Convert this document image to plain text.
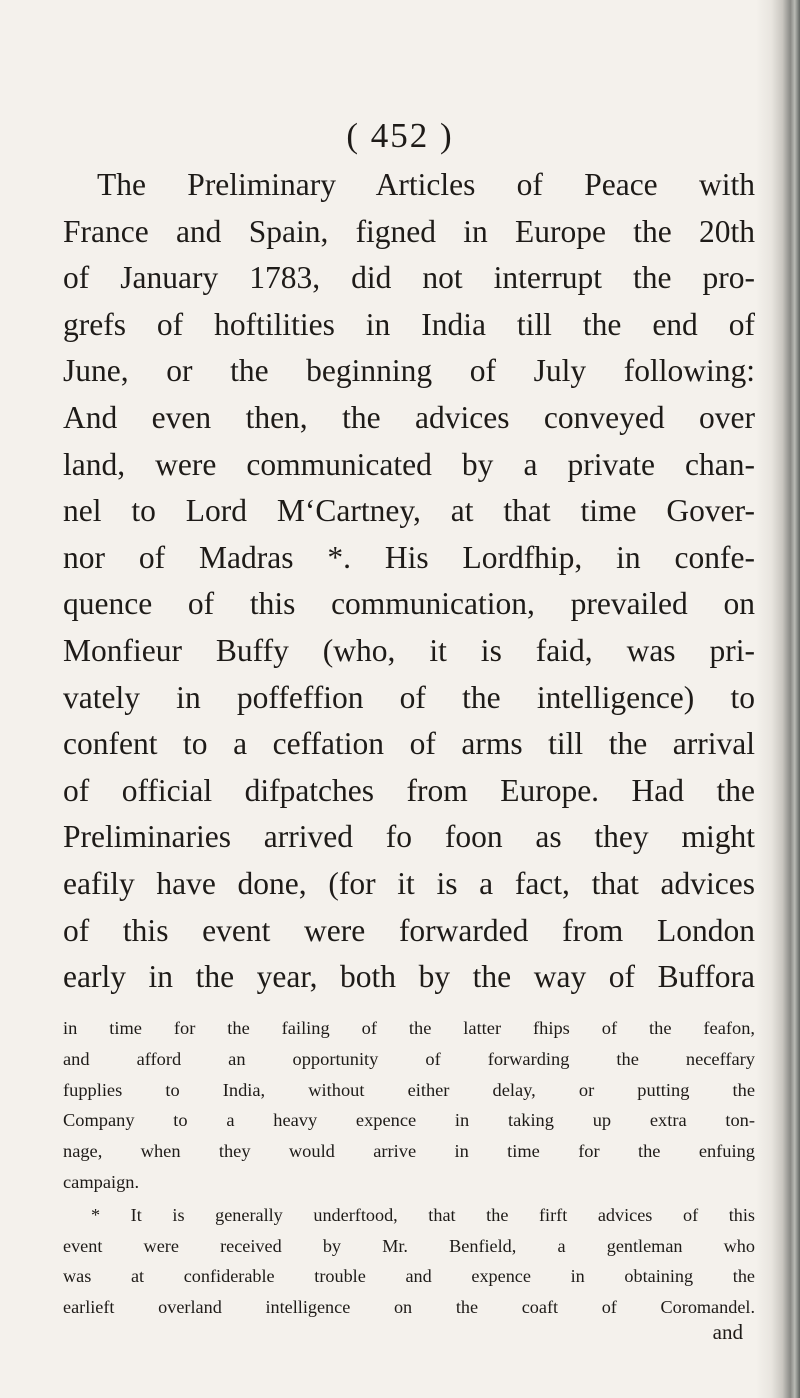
( 452 )
The Preliminary Articles of Peace with
France and Spain, figned in Europe the 20th
of January 1783, did not interrupt the pro-
grefs of hoftilities in India till the end of
June, or the beginning of July following:
And even then, the advices conveyed over
land, were communicated by a private chan-
nel to Lord M‘Cartney, at that time Gover-
nor of Madras *. His Lordfhip, in confe-
quence of this communication, prevailed on
Monfieur Buffy (who, it is faid, was pri-
vately in poffeffion of the intelligence) to
confent to a ceffation of arms till the arrival
of official difpatches from Europe. Had the
Preliminaries arrived fo foon as they might
eafily have done, (for it is a fact, that advices
of this event were forwarded from London
early in the year, both by the way of Buffora
in time for the failing of the latter fhips of the feafon,
and afford an opportunity of forwarding the neceffary
fupplies to India, without either delay, or putting the
Company to a heavy expence in taking up extra ton-
nage, when they would arrive in time for the enfuing
campaign.
* It is generally underftood, that the firft advices of this
event were received by Mr. Benfield, a gentleman who
was at confiderable trouble and expence in obtaining the
earlieft overland intelligence on the coaft of Coromandel.
and
